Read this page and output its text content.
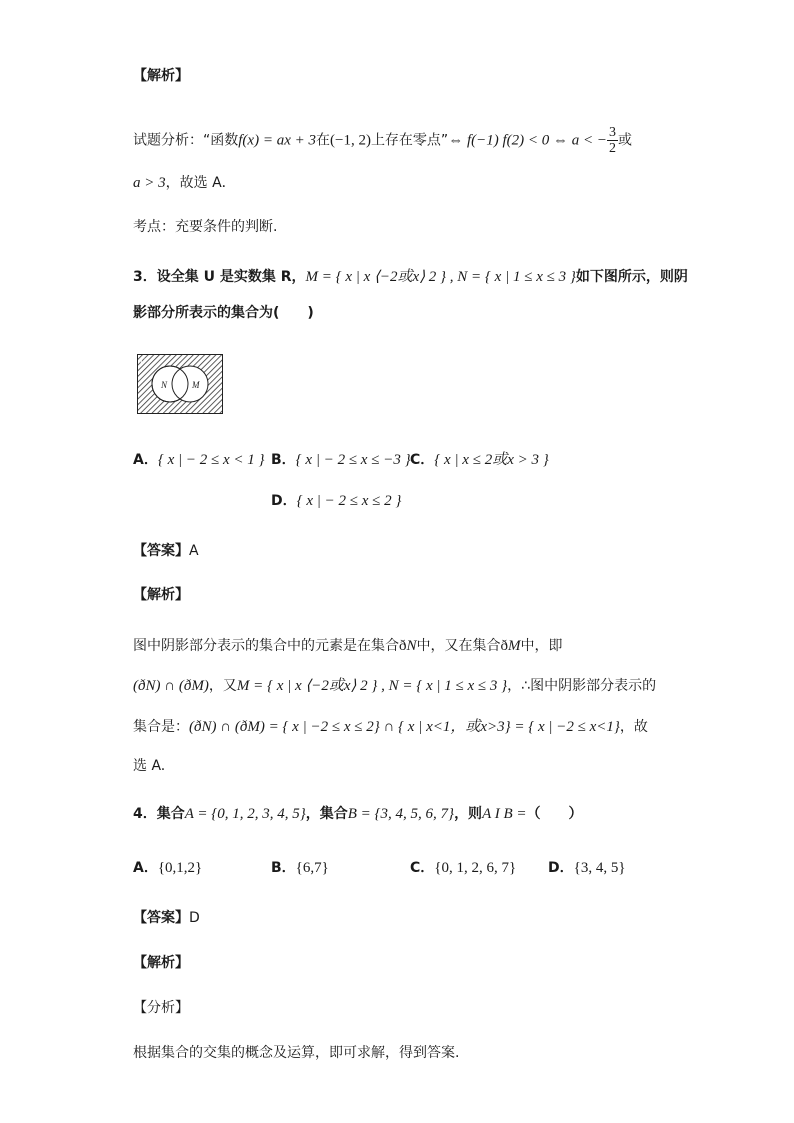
【解析】
试题分析：“函数f(x) = ax + 3在(−1, 2)上存在零点”⇔ f(−1) f(2) < 0 ⇔ a < − $\frac{3}{2}$ 或
a > 3，故选 A．
考点：充要条件的判断.
3．设全集 U 是实数集 R，M = { x | x ⟨−2或x⟩ 2 } , N = { x | 1 ≤ x ≤ 3 }如下图所示，则阴
影部分所表示的集合为(　　)
U
N	M
A．{ x | − 2 ≤ x < 1 } B．{ x | − 2 ≤ x ≤ −3 } C．{ x | x ≤ 2或x > 3 }
D．{ x | − 2 ≤ x ≤ 2 }
【答案】A
【解析】
图中阴影部分表示的集合中的元素是在集合ðN中，又在集合ðM中，即
(ðN) ∩ (ðM)，又M = { x | x ⟨−2或x⟩ 2 } , N = { x | 1 ≤ x ≤ 3 }，∴图中阴影部分表示的
集合是：(ðN) ∩ (ðM) = { x | −2 ≤ x ≤ 2} ∩ { x | x<1，或x>3} = { x | −2 ≤ x<1}，故
选 A.
4．集合A = {0, 1, 2, 3, 4, 5}，集合B = {3, 4, 5, 6, 7}，则A I B =（　　）
A．{0,1,2}	B．{6,7}	C．{0, 1, 2, 6, 7} D．{3, 4, 5}
【答案】D
【解析】
【分析】
根据集合的交集的概念及运算，即可求解，得到答案.
